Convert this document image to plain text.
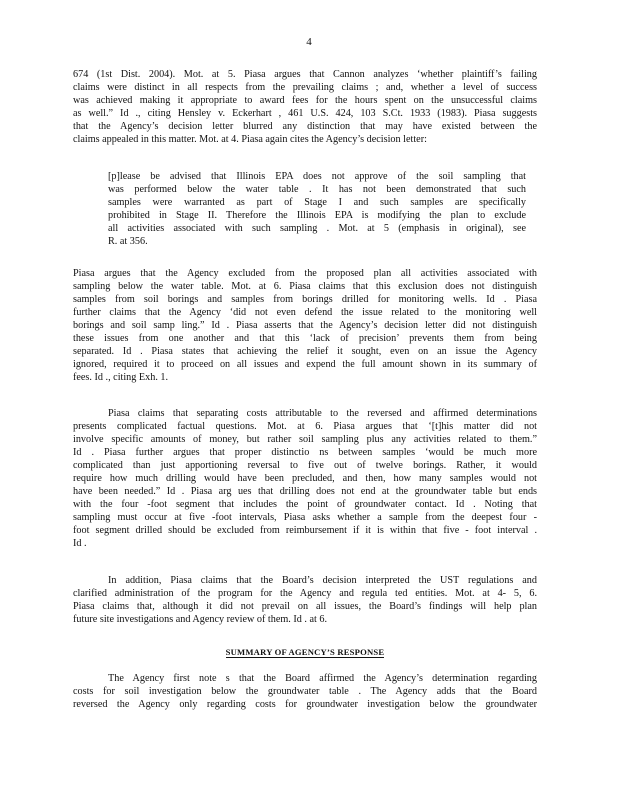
4
674 (1st Dist. 2004). Mot. at 5. Piasa argues that Cannon analyzes ‘whether plaintiff’s failing
claims were distinct in all respects from the prevailing claims ; and, whether a level of success
was achieved making it appropriate to award fees for the hours spent on the unsuccessful claims
as well.” Id ., citing Hensley v. Eckerhart , 461 U.S. 424, 103 S.Ct. 1933 (1983). Piasa suggests
that the Agency’s decision letter blurred any distinction that may have existed between the
claims appealed in this matter. Mot. at 4. Piasa again cites the Agency’s decision letter:
[p]lease be advised that Illinois EPA does not approve of the soil sampling that
was performed below the water table . It has not been demonstrated that such
samples were warranted as part of Stage I and such samples are specifically
prohibited in Stage II. Therefore the Illinois EPA is modifying the plan to exclude
all activities associated with such sampling . Mot. at 5 (emphasis in original), see
R. at 356.
Piasa argues that the Agency excluded from the proposed plan all activities associated with
sampling below the water table. Mot. at 6. Piasa claims that this exclusion does not distinguish
samples from soil borings and samples from borings drilled for monitoring wells. Id . Piasa
further claims that the Agency ‘did not even defend the issue related to the monitoring well
borings and soil samp ling.” Id . Piasa asserts that the Agency’s decision letter did not distinguish
these issues from one another and that this ‘lack of precision’ prevents them from being
separated. Id . Piasa states that achieving the relief it sought, even on an issue the Agency
ignored, required it to proceed on all issues and expend the full amount shown in its summary of
fees. Id ., citing Exh. 1.
Piasa claims that separating costs attributable to the reversed and affirmed determinations
presents complicated factual questions. Mot. at 6. Piasa argues that ‘[t]his matter did not
involve specific amounts of money, but rather soil sampling plus any activities related to them.”
Id . Piasa further argues that proper distinctio ns between samples ‘would be much more
complicated than just apportioning reversal to five out of twelve borings. Rather, it would
require how much drilling would have been precluded, and then, how many samples would not
have been needed.” Id . Piasa arg ues that drilling does not end at the groundwater table but ends
with the four -foot segment that includes the point of groundwater contact. Id . Noting that
sampling must occur at five -foot intervals, Piasa asks whether a sample from the deepest four -
foot segment drilled should be excluded from reimbursement if it is within that five - foot interval .
Id .
In addition, Piasa claims that the Board’s decision interpreted the UST regulations and
clarified administration of the program for the Agency and regula ted entities. Mot. at 4- 5, 6.
Piasa claims that, although it did not prevail on all issues, the Board’s findings will help plan
future site investigations and Agency review of them. Id . at 6.
SUMMARY OF AGENCY’S RESPONSE
The Agency first note s that the Board affirmed the Agency’s determination regarding
costs for soil investigation below the groundwater table . The Agency adds that the Board
reversed the Agency only regarding costs for groundwater investigation below the groundwater
